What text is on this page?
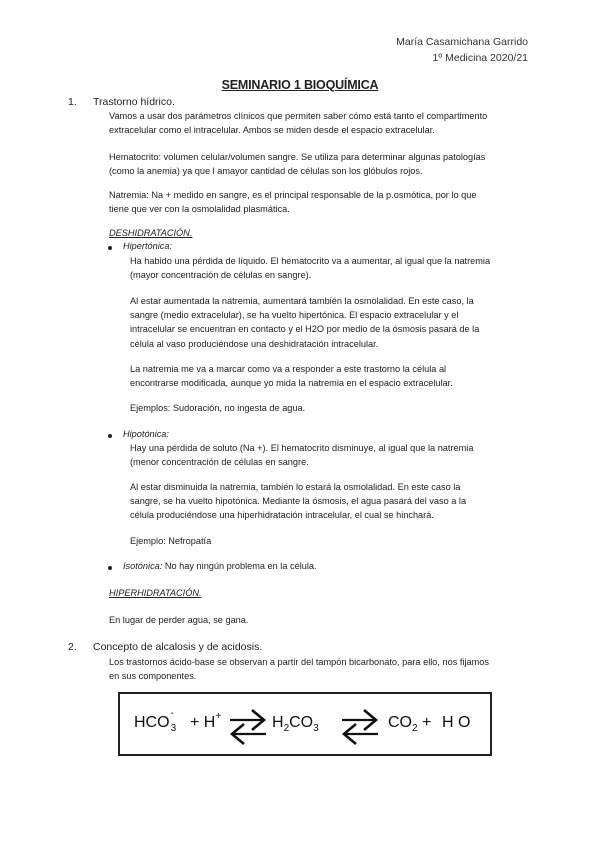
María Casamichana Garrido
1º Medicina 2020/21
SEMINARIO 1 BIOQUÍMICA
1. Trastorno hídrico.
Vamos a usar dos parámetros clínicos que permiten saber cómo está tanto el compartimento
extracelular como el intracelular. Ambos se miden desde el espacio extracelular.
Hematocrito: volumen celular/volumen sangre. Se utiliza para determinar algunas patologías
(como la anemia) ya que l amayor cantidad de células son los glóbulos rojos.
Natremia: Na + medido en sangre, es el principal responsable de la p.osmótica, por lo que
tiene que ver con la osmolalidad plasmática.
DESHIDRATACIÓN.
Hipertónica:
Ha habido una pérdida de líquido. El hematocrito va a aumentar, al igual que la natremia
(mayor concentración de células en sangre).
Al estar aumentada la natremia, aumentará también la osmolalidad. En este caso, la
sangre (medio extracelular), se ha vuelto hipertónica. El espacio extracelular y el
intracelular se encuentran en contacto y el H2O por medio de la ósmosis pasará de la
célula al vaso produciéndose una deshidratación intracelular.
La natremia me va a marcar como va a responder a este trastorno la célula al
encontrarse modificada, aunque yo mida la natremia en el espacio extracelular.
Ejemplos: Sudoración, no ingesta de agua.
Hipotónica:
Hay una pérdida de soluto (Na +). El hematocrito disminuye, al igual que la natremia
(menor concentración de células en sangre.
Al estar disminuida la natremia, también lo estará la osmolalidad. En este caso la
sangre, se ha vuelto hipotónica. Mediante la ósmosis, el agua pasará del vaso a la
célula produciéndose una hiperhidratación intracelular, el cual se hinchará.
Ejemplo: Nefropatía
Isotónica: No hay ningún problema en la célula.
HIPERHIDRATACIÓN.
En lugar de perder agua, se gana.
2. Concepto de alcalosis y de acidosis.
Los trastornos ácido-base se observan a partir del tampón bicarbonato, para ello, nos fijamos
en sus componentes.
HCO
-
$_3$ + H+ ⇌ $H_2CO_3$ ⇌ $CO_2 + H$ O
